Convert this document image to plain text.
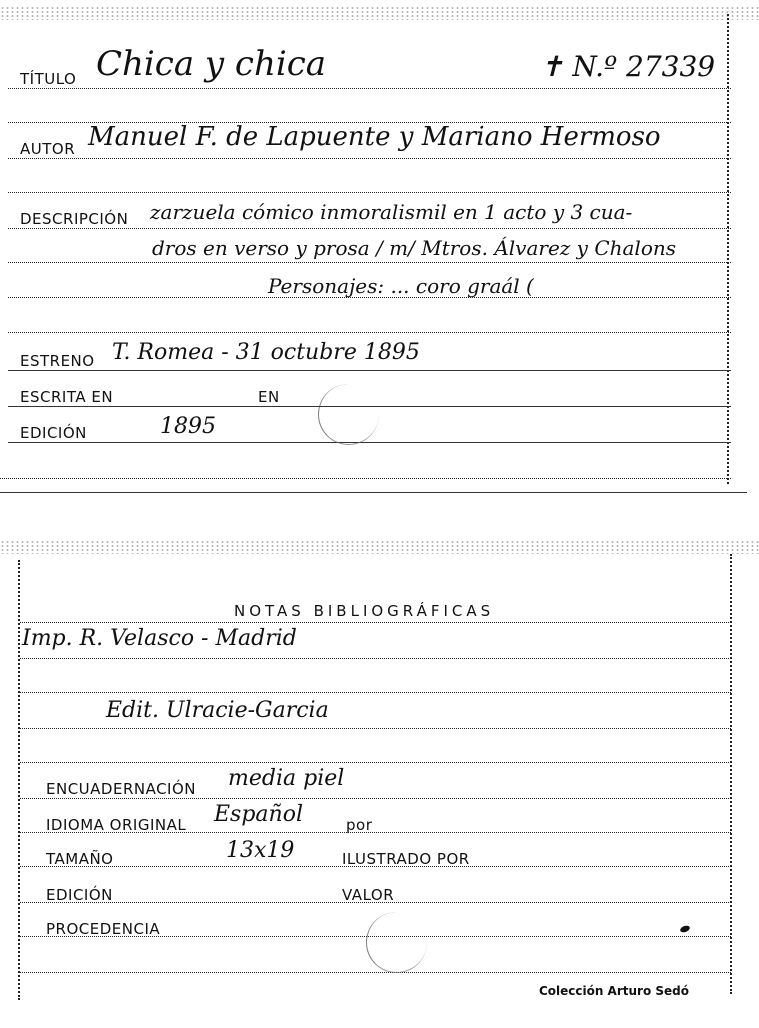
TÍTULO Chica y chica	✝ N.º 27339
AUTOR Manuel F. de Lapuente y Mariano Hermoso
DESCRIPCIÓN zarzuela cómico inmoralismil en 1 acto y 3 cua-
dros en verso y prosa / m/ Mtros. Álvarez y Chalons
Personajes: ... coro graál (
ESTRENO T. Romea - 31 octubre 1895
ESCRITA EN	EN
EDICIÓN	1895
NOTAS BIBLIOGRÁFICAS
Imp. R. Velasco - Madrid
Edit. Ulracie-Garcia
ENCUADERNACIÓN media piel
IDIOMA ORIGINAL Español	por
TAMAÑO	13x19	ILUSTRADO POR
EDICIÓN	VALOR
PROCEDENCIA
Colección Arturo Sedó
